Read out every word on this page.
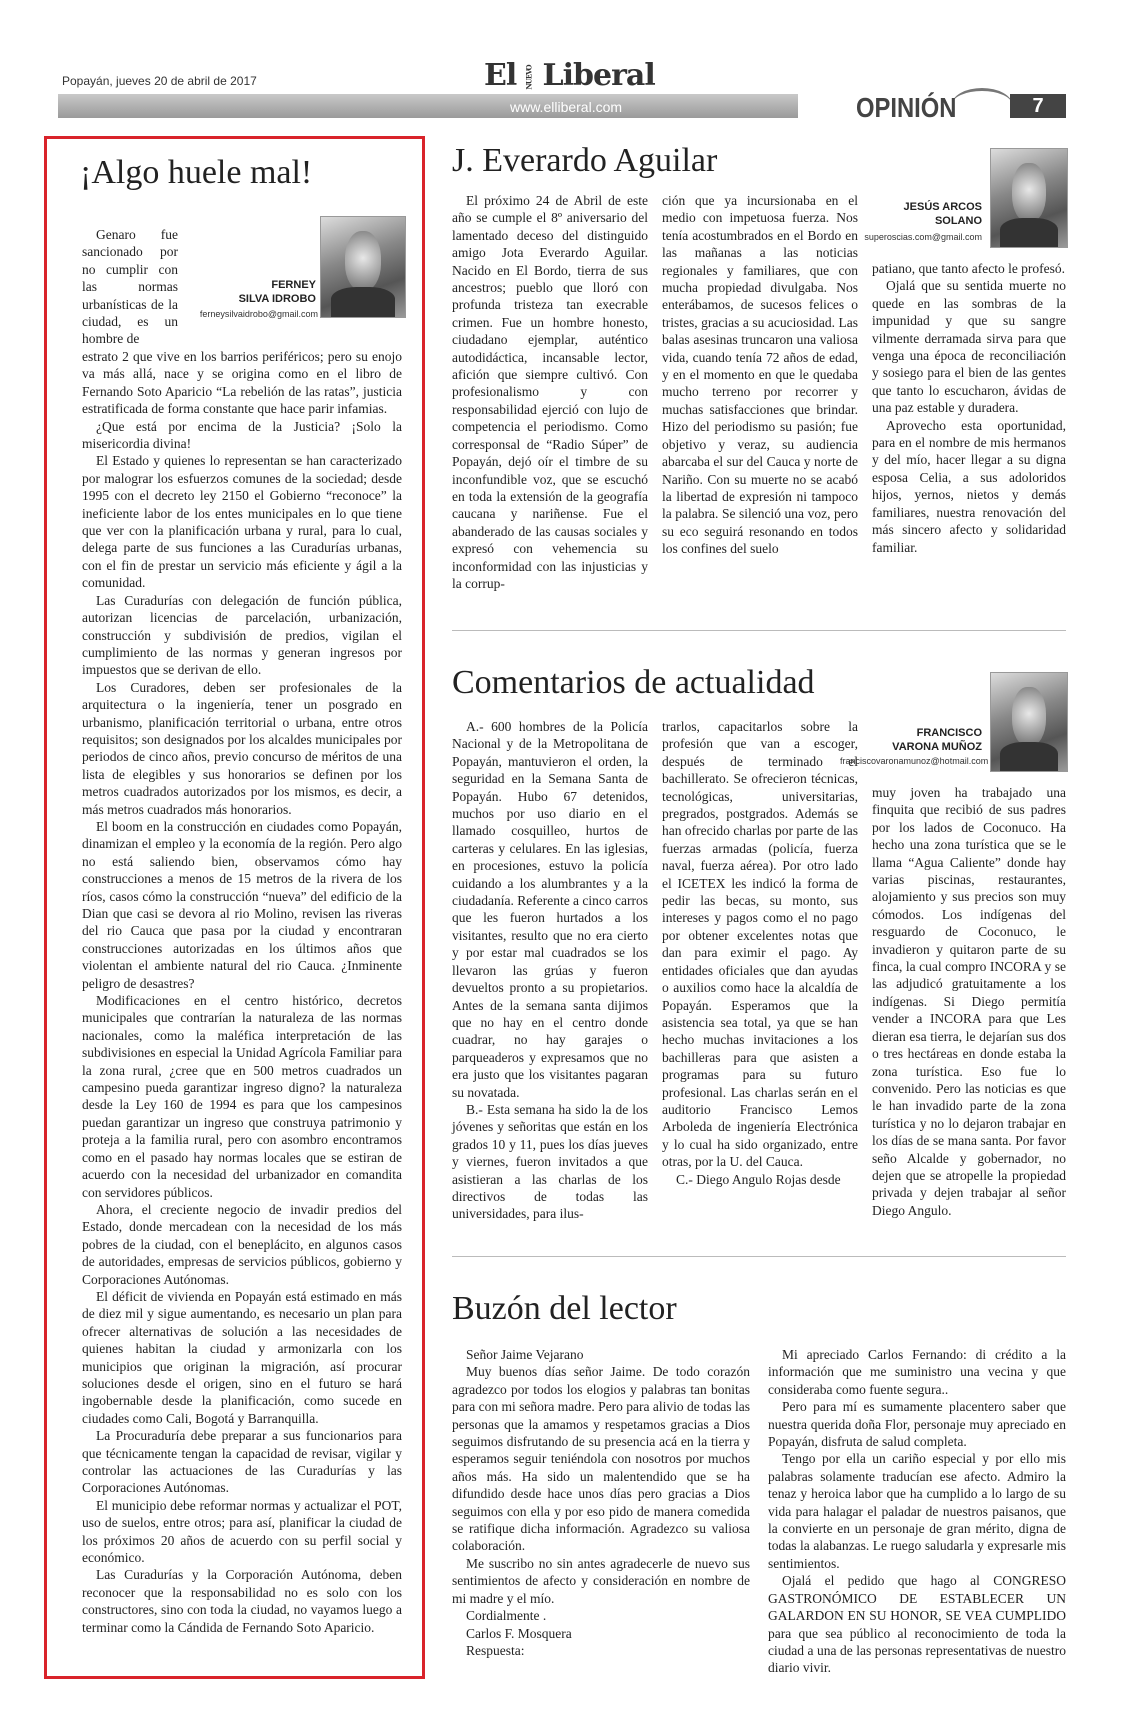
Popayán, jueves 20 de abril de 2017	El NUEVO Liberal
www.elliberal.com	OPINIÓN	7
¡Algo huele mal!
FERNEY
SILVA IDROBO
ferneysilvaidrobo@gmail.com
Genaro fue sancionado por no cumplir con las normas urbanísticas de la ciudad, es un hombre de

estrato 2 que vive en los barrios periféricos; pero su enojo va más allá, nace y se origina como en el libro de Fernando Soto Aparicio “La rebelión de las ratas”, justicia estratificada de forma constante que hace parir infamias.

¿Que está por encima de la Justicia? ¡Solo la misericordia divina!

El Estado y quienes lo representan se han caracterizado por malograr los esfuerzos comunes de la sociedad; desde 1995 con el decreto ley 2150 el Gobierno “reconoce” la ineficiente labor de los entes municipales en lo que tiene que ver con la planificación urbana y rural, para lo cual, delega parte de sus funciones a las Curadurías urbanas, con el fin de prestar un servicio más eficiente y ágil a la comunidad.

Las Curadurías con delegación de función pública, autorizan licencias de parcelación, urbanización, construcción y subdivisión de predios, vigilan el cumplimiento de las normas y generan ingresos por impuestos que se derivan de ello.

Los Curadores, deben ser profesionales de la arquitectura o la ingeniería, tener un posgrado en urbanismo, planificación territorial o urbana, entre otros requisitos; son designados por los alcaldes municipales por periodos de cinco años, previo concurso de méritos de una lista de elegibles y sus honorarios se definen por los metros cuadrados autorizados por los mismos, es decir, a más metros cuadrados más honorarios.

El boom en la construcción en ciudades como Popayán, dinamizan el empleo y la economía de la región. Pero algo no está saliendo bien, observamos cómo hay construcciones a menos de 15 metros de la rivera de los ríos, casos cómo la construcción “nueva” del edificio de la Dian que casi se devora al rio Molino, revisen las riveras del rio Cauca que pasa por la ciudad y encontraran construcciones autorizadas en los últimos años que violentan el ambiente natural del rio Cauca. ¿Inminente peligro de desastres?

Modificaciones en el centro histórico, decretos municipales que contrarían la naturaleza de las normas nacionales, como la maléfica interpretación de las subdivisiones en especial la Unidad Agrícola Familiar para la zona rural, ¿cree que en 500 metros cuadrados un campesino pueda garantizar ingreso digno? la naturaleza desde la Ley 160 de 1994 es para que los campesinos puedan garantizar un ingreso que construya patrimonio y proteja a la familia rural, pero con asombro encontramos como en el pasado hay normas locales que se estiran de acuerdo con la necesidad del urbanizador en comandita con servidores públicos.

Ahora, el creciente negocio de invadir predios del Estado, donde mercadean con la necesidad de los más pobres de la ciudad, con el beneplácito, en algunos casos de autoridades, empresas de servicios públicos, gobierno y Corporaciones Autónomas.

El déficit de vivienda en Popayán está estimado en más de diez mil y sigue aumentando, es necesario un plan para ofrecer alternativas de solución a las necesidades de quienes habitan la ciudad y armonizarla con los municipios que originan la migración, así procurar soluciones desde el origen, sino en el futuro se hará ingobernable desde la planificación, como sucede en ciudades como Cali, Bogotá y Barranquilla.

La Procuraduría debe preparar a sus funcionarios para que técnicamente tengan la capacidad de revisar, vigilar y controlar las actuaciones de las Curadurías y las Corporaciones Autónomas.

El municipio debe reformar normas y actualizar el POT, uso de suelos, entre otros; para así, planificar la ciudad de los próximos 20 años de acuerdo con su perfil social y económico.

Las Curadurías y la Corporación Autónoma, deben reconocer que la responsabilidad no es solo con los constructores, sino con toda la ciudad, no vayamos luego a terminar como la Cándida de Fernando Soto Aparicio.

J. Everardo Aguilar
El próximo 24 de Abril de este año se cumple el 8º aniversario del lamentado deceso del distinguido amigo Jota Everardo Aguilar. Nacido en El Bordo, tierra de sus ancestros; pueblo que lloró con profunda tristeza tan execrable crimen. Fue un hombre honesto, ciudadano ejemplar, auténtico autodidáctica, incansable lector, afición que siempre cultivó. Con profesionalismo y con responsabilidad ejerció con lujo de competencia el periodismo. Como corresponsal de “Radio Súper” de Popayán, dejó oír el timbre de su inconfundible voz, que se escuchó en toda la extensión de la geografía caucana y nariñense. Fue el abanderado de las causas sociales y expresó con vehemencia su inconformidad con las injusticias y la corrup-
ción que ya incursionaba en el medio con impetuosa fuerza. Nos tenía acostumbrados en el Bordo en las mañanas a las noticias regionales y familiares, que con mucha propiedad divulgaba. Nos enterábamos, de sucesos felices o tristes, gracias a su acuciosidad. Las balas asesinas truncaron una valiosa vida, cuando tenía 72 años de edad, y en el momento en que le quedaba mucho terreno por recorrer y muchas satisfacciones que brindar. Hizo del periodismo su pasión; fue objetivo y veraz, su audiencia abarcaba el sur del Cauca y norte de Nariño. Con su muerte no se acabó la libertad de expresión ni tampoco la palabra. Se silenció una voz, pero su eco seguirá resonando en todos los confines del suelo
JESÚS ARCOS
SOLANO
superoscias.com@gmail.com

patiano, que tanto afecto le profesó.

Ojalá que su sentida muerte no quede en las sombras de la impunidad y que su sangre vilmente derramada sirva para que venga una época de reconciliación y sosiego para el bien de las gentes que tanto lo escucharon, ávidas de una paz estable y duradera.

Aprovecho esta oportunidad, para en el nombre de mis hermanos y del mío, hacer llegar a su digna esposa Celia, a sus adoloridos hijos, yernos, nietos y demás familiares, nuestra renovación del más sincero afecto y solidaridad familiar.

Comentarios de actualidad

A.- 600 hombres de la Policía Nacional y de la Metropolitana de Popayán, mantuvieron el orden, la seguridad en la Semana Santa de Popayán. Hubo 67 detenidos, muchos por uso diario en el llamado cosquilleo, hurtos de carteras y celulares. En las iglesias, en procesiones, estuvo la policía cuidando a los alumbrantes y a la ciudadanía. Referente a cinco carros que les fueron hurtados a los visitantes, resulto que no era cierto y por estar mal cuadrados se los llevaron las grúas y fueron devueltos pronto a su propietarios. Antes de la semana santa dijimos que no hay en el centro donde cuadrar, no hay garajes o parqueaderos y expresamos que no era justo que los visitantes pagaran su novatada.

B.- Esta semana ha sido la de los jóvenes y señoritas que están en los grados 10 y 11, pues los días jueves y viernes, fueron invitados a que asistieran a las charlas de los directivos de todas las universidades, para ilus-

trarlos, capacitarlos sobre la profesión que van a escoger, después de terminado el bachillerato. Se ofrecieron técnicas, tecnológicas, universitarias, pregrados, postgrados. Además se han ofrecido charlas por parte de las fuerzas armadas (policía, fuerza naval, fuerza aérea). Por otro lado el ICETEX les indicó la forma de pedir las becas, su monto, sus intereses y pagos como el no pago por obtener excelentes notas que dan para eximir el pago. Ay entidades oficiales que dan ayudas o auxilios como hace la alcaldía de Popayán. Esperamos que la asistencia sea total, ya que se han hecho muchas invitaciones a los bachilleras para que asisten a programas para su futuro profesional. Las charlas serán en el auditorio Francisco Lemos Arboleda de ingeniería Electrónica y lo cual ha sido organizado, entre otras, por la U. del Cauca.

C.- Diego Angulo Rojas desde

FRANCISCO
VARONA MUÑOZ
franciscovaronamunoz@hotmail.com
muy joven ha trabajado una finquita que recibió de sus padres por los lados de Coconuco. Ha hecho una zona turística que se le llama “Agua Caliente” donde hay varias piscinas, restaurantes, alojamiento y sus precios son muy cómodos. Los indígenas del resguardo de Coconuco, le invadieron y quitaron parte de su finca, la cual compro INCORA y se las adjudicó gratuitamente a los indígenas. Si Diego permitía vender a INCORA para que Les dieran esa tierra, le dejarían sus dos o tres hectáreas en donde estaba la zona turística. Eso fue lo convenido. Pero las noticias es que le han invadido parte de la zona turística y no lo dejaron trabajar en los días de se mana santa. Por favor seño Alcalde y gobernador, no dejen que se atropelle la propiedad privada y dejen trabajar al señor Diego Angulo.
Buzón del lector

Señor Jaime Vejarano

Muy buenos días señor Jaime. De todo corazón agradezco por todos los elogios y palabras tan bonitas para con mi señora madre. Pero para alivio de todas las personas que la amamos y respetamos gracias a Dios seguimos disfrutando de su presencia acá en la tierra y esperamos seguir teniéndola con nosotros por muchos años más. Ha sido un malentendido que se ha difundido desde hace unos días pero gracias a Dios seguimos con ella y por eso pido de manera comedida se ratifique dicha información. Agradezco su valiosa colaboración.

Me suscribo no sin antes agradecerle de nuevo sus sentimientos de afecto y consideración en nombre de mi madre y el mío.

Cordialmente .

Carlos F. Mosquera

Respuesta:

Mi apreciado Carlos Fernando: di crédito a la información que me suministro una vecina y que consideraba como fuente segura..

Pero para mí es sumamente placentero saber que nuestra querida doña Flor, personaje muy apreciado en Popayán, disfruta de salud completa.

Tengo por ella un cariño especial y por ello mis palabras solamente traducían ese afecto. Admiro la tenaz y heroica labor que ha cumplido a lo largo de su vida para halagar el paladar de nuestros paisanos, que la convierte en un personaje de gran mérito, digna de todas la alabanzas. Le ruego saludarla y expresarle mis sentimientos.

Ojalá el pedido que hago al CONGRESO GASTRONÓMICO DE ESTABLECER UN GALARDON EN SU HONOR, SE VEA CUMPLIDO para que sea público al reconocimiento de toda la ciudad a una de las personas representativas de nuestro diario vivir.
